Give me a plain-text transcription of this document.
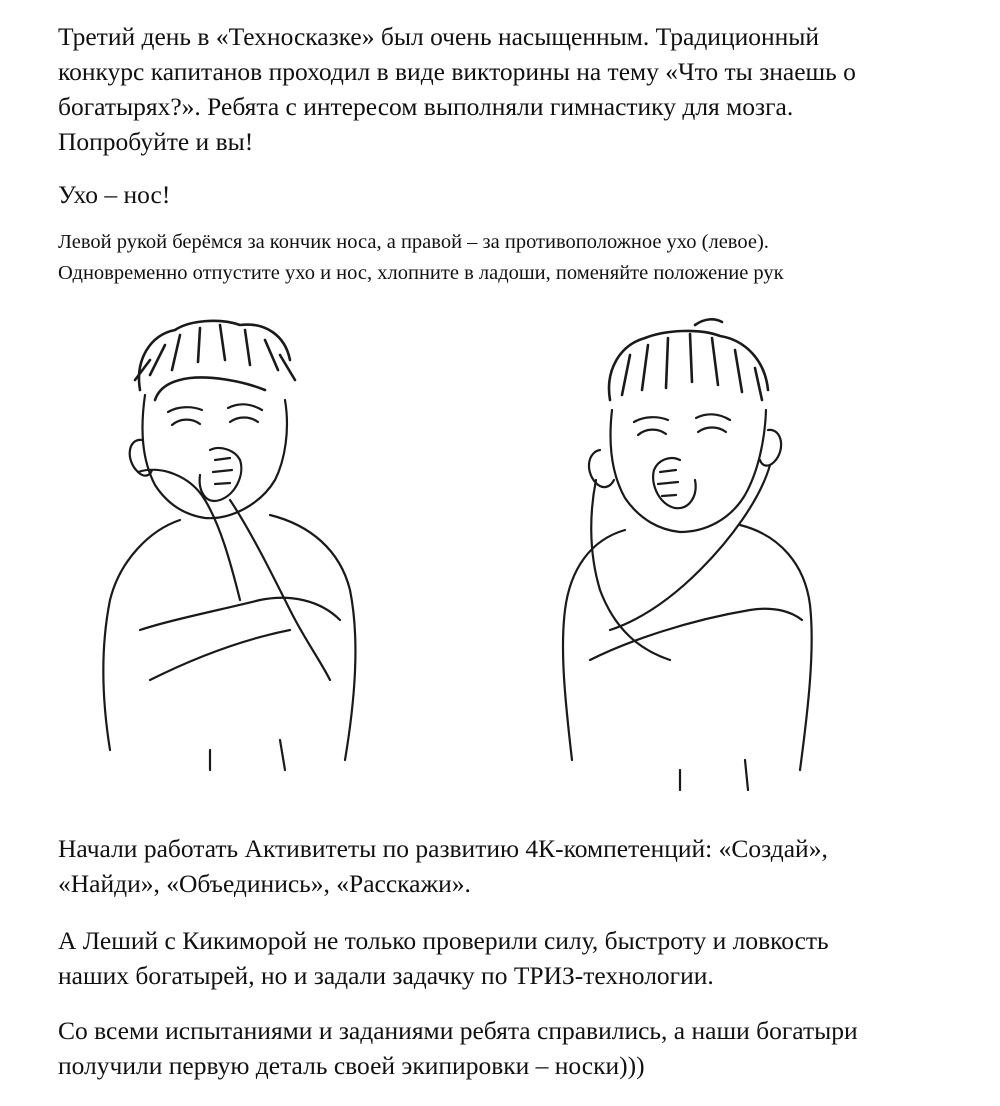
Третий день в «Техносказке» был очень насыщенным. Традиционный
конкурс капитанов проходил в виде викторины на тему «Что ты знаешь о
богатырях?». Ребята с интересом выполняли гимнастику для мозга.
Попробуйте и вы!
Ухо – нос!
Левой рукой берёмся за кончик носа, а правой – за противоположное ухо (левое).
Одновременно отпустите ухо и нос, хлопните в ладоши, поменяйте положение рук
Начали работать Активитеты по развитию 4К-компетенций: «Создай»,
«Найди», «Объединись», «Расскажи».
А Леший с Кикиморой не только проверили силу, быстроту и ловкость
наших богатырей, но и задали задачку по ТРИЗ-технологии.
Со всеми испытаниями и заданиями ребята справились, а наши богатыри
получили первую деталь своей экипировки – носки)))
